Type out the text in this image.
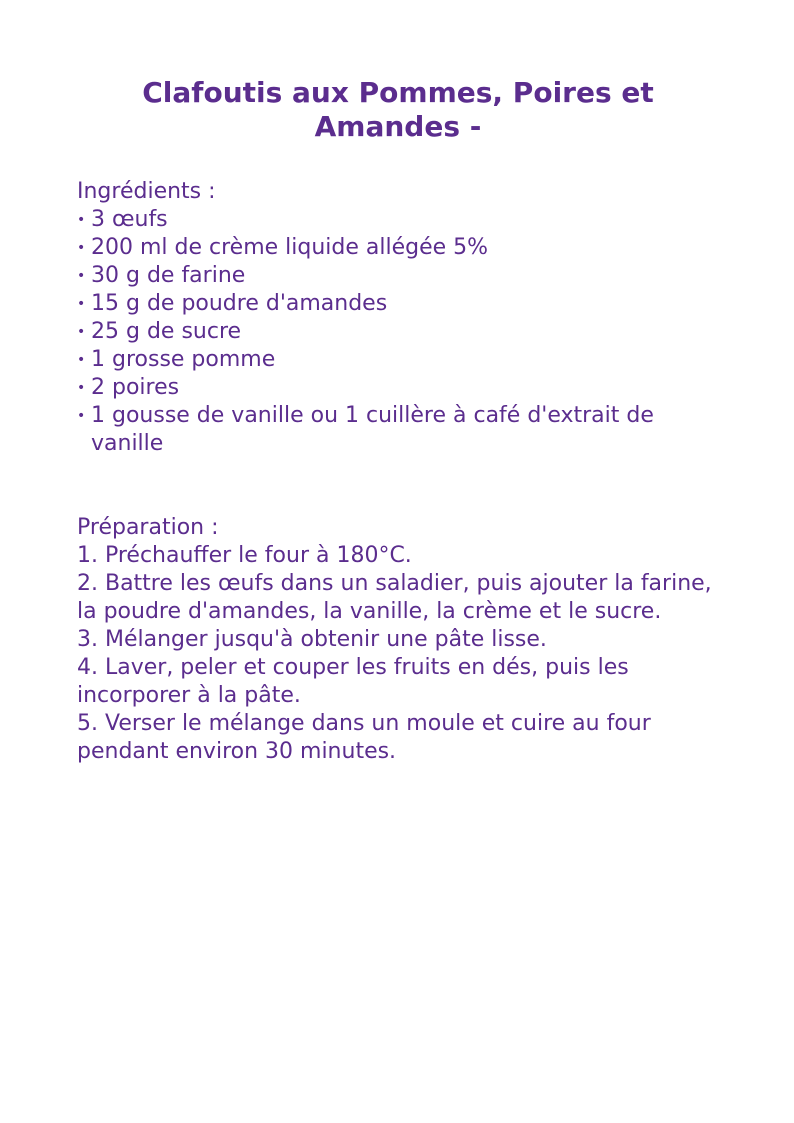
Clafoutis aux Pommes, Poires et Amandes -
Ingrédients :
• 3 œufs
• 200 ml de crème liquide allégée 5%
• 30 g de farine
• 15 g de poudre d'amandes
• 25 g de sucre
• 1 grosse pomme
• 2 poires
• 1 gousse de vanille ou 1 cuillère à café d'extrait de vanille
Préparation :
1. Préchauffer le four à 180°C.
2. Battre les œufs dans un saladier, puis ajouter la farine, la poudre d'amandes, la vanille, la crème et le sucre.
3. Mélanger jusqu'à obtenir une pâte lisse.
4. Laver, peler et couper les fruits en dés, puis les incorporer à la pâte.
5. Verser le mélange dans un moule et cuire au four pendant environ 30 minutes.
